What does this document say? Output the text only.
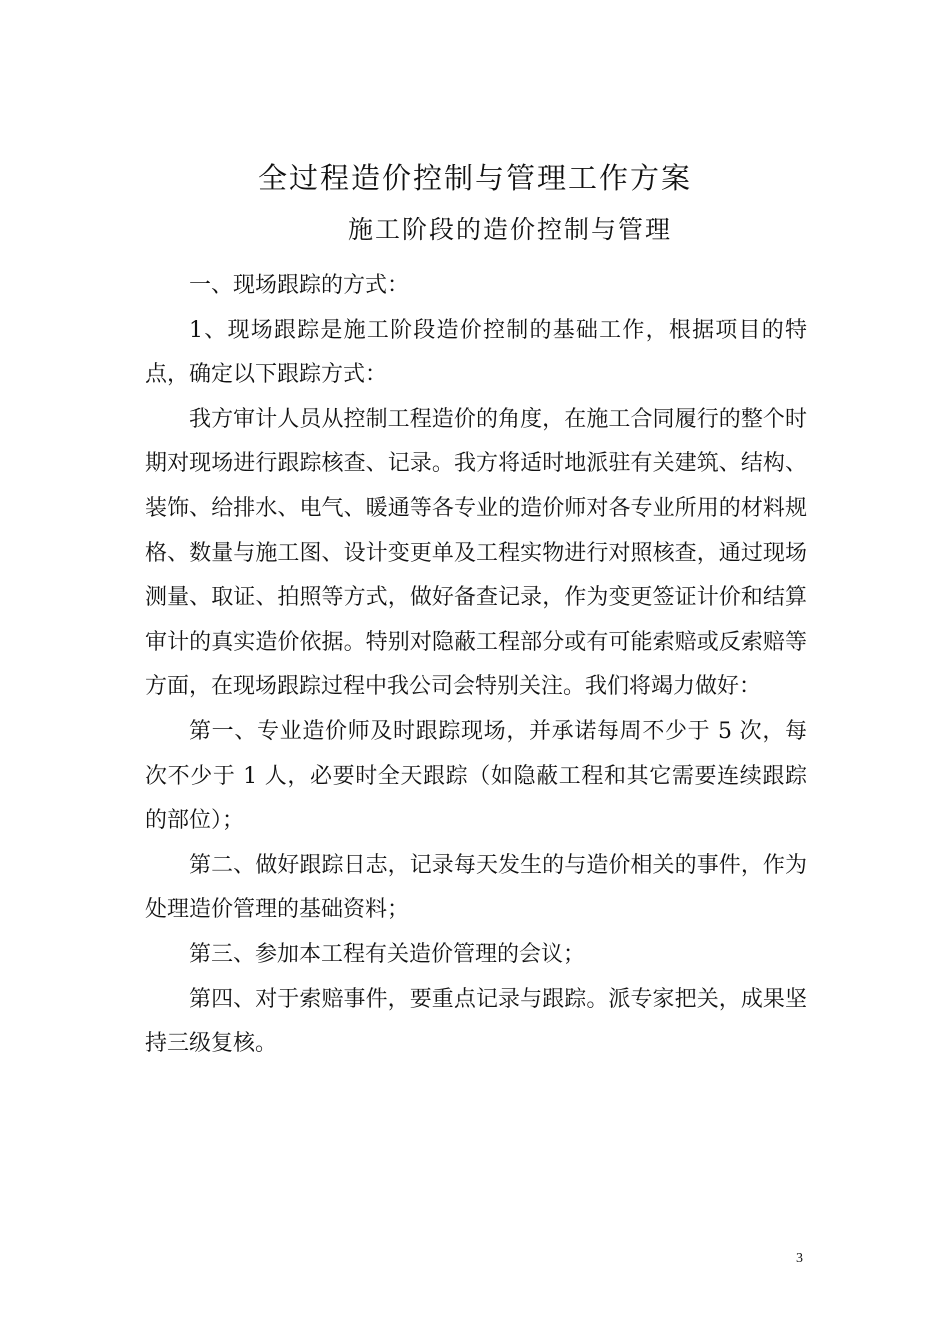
全过程造价控制与管理工作方案
施工阶段的造价控制与管理

一、现场跟踪的方式：

1、现场跟踪是施工阶段造价控制的基础工作，根据项目的特点，确定以下跟踪方式：

我方审计人员从控制工程造价的角度，在施工合同履行的整个时期对现场进行跟踪核查、记录。我方将适时地派驻有关建筑、结构、装饰、给排水、电气、暖通等各专业的造价师对各专业所用的材料规格、数量与施工图、设计变更单及工程实物进行对照核查，通过现场测量、取证、拍照等方式，做好备查记录，作为变更签证计价和结算审计的真实造价依据。特别对隐蔽工程部分或有可能索赔或反索赔等方面，在现场跟踪过程中我公司会特别关注。我们将竭力做好：

第一、专业造价师及时跟踪现场，并承诺每周不少于 5 次，每次不少于 1 人，必要时全天跟踪（如隐蔽工程和其它需要连续跟踪的部位）；

第二、做好跟踪日志，记录每天发生的与造价相关的事件，作为处理造价管理的基础资料；

第三、参加本工程有关造价管理的会议；

第四、对于索赔事件，要重点记录与跟踪。派专家把关，成果坚持三级复核。

3
